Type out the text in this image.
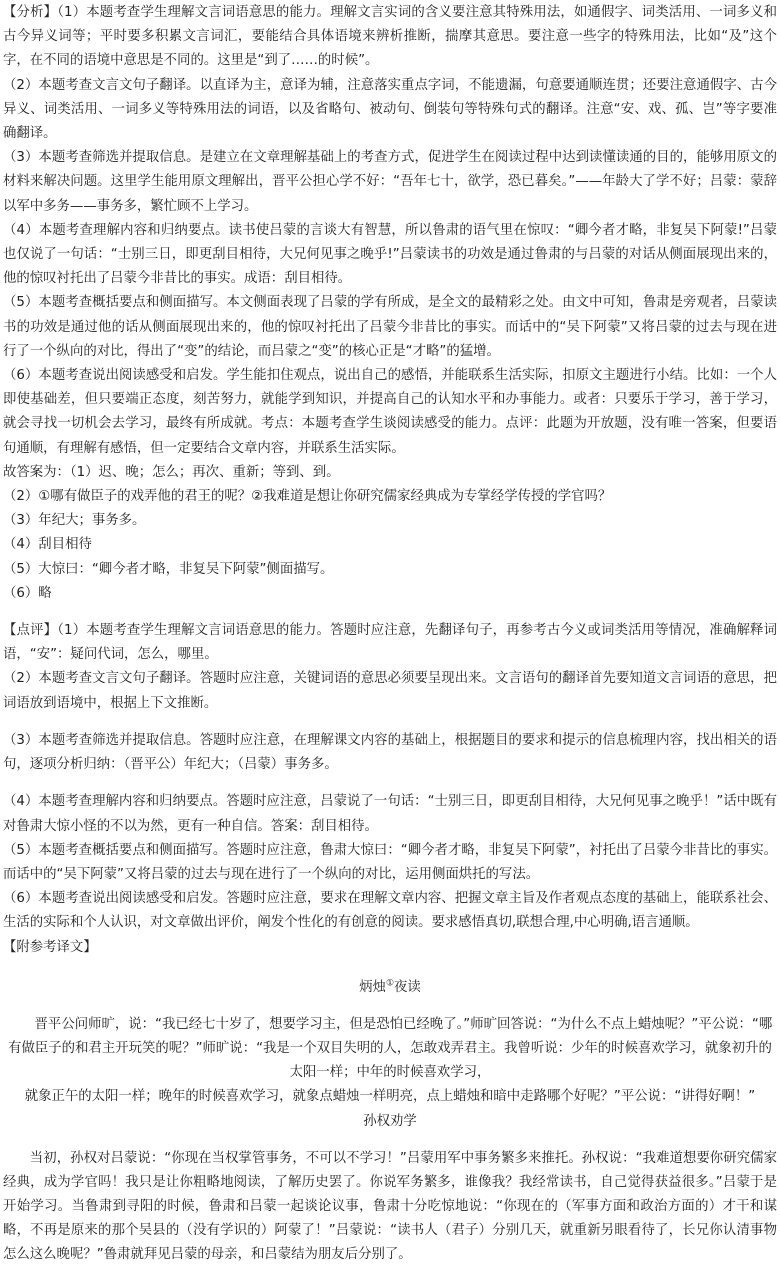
【分析】（1）本题考查学生理解文言词语意思的能力。理解文言实词的含义要注意其特殊用法，如通假字、词类活用、一词多义和古今异义词等；平时要多积累文言词汇，要能结合具体语境来辨析推断，揣摩其意思。要注意一些字的特殊用法，比如“及”这个字，在不同的语境中意思是不同的。这里是“到了……的时候”。

（2）本题考查文言文句子翻译。以直译为主，意译为辅，注意落实重点字词，不能遗漏，句意要通顺连贯；还要注意通假字、古今异义、词类活用、一词多义等特殊用法的词语，以及省略句、被动句、倒装句等特殊句式的翻译。注意“安、戏、孤、岂”等字要准确翻译。

（3）本题考查筛选并提取信息。是建立在文章理解基础上的考查方式，促进学生在阅读过程中达到读懂读通的目的，能够用原文的材料来解决问题。这里学生能用原文理解出，晋平公担心学不好：“吾年七十，欲学，恐已暮矣。”——年龄大了学不好；吕蒙：蒙辞以军中多务——事务多，繁忙顾不上学习。

（4）本题考查理解内容和归纳要点。读书使吕蒙的言谈大有智慧，所以鲁肃的语气里在惊叹：“卿今者才略，非复吴下阿蒙!”吕蒙也仅说了一句话：“士别三日，即更刮目相待，大兄何见事之晚乎!”吕蒙读书的功效是通过鲁肃的与吕蒙的对话从侧面展现出来的，他的惊叹衬托出了吕蒙今非昔比的事实。成语：刮目相待。

（5）本题考查概括要点和侧面描写。本文侧面表现了吕蒙的学有所成，是全文的最精彩之处。由文中可知，鲁肃是旁观者，吕蒙读书的功效是通过他的话从侧面展现出来的，他的惊叹衬托出了吕蒙今非昔比的事实。而话中的“吴下阿蒙”又将吕蒙的过去与现在进行了一个纵向的对比，得出了“变”的结论，而吕蒙之“变”的核心正是“才略”的猛增。

（6）本题考查说出阅读感受和启发。学生能扣住观点，说出自己的感悟，并能联系生活实际，扣原文主题进行小结。比如：一个人即使基础差，但只要端正态度，刻苦努力，就能学到知识，并提高自己的认知水平和办事能力。或者：只要乐于学习，善于学习，就会寻找一切机会去学习，最终有所成就。考点：本题考查学生谈阅读感受的能力。点评：此题为开放题，没有唯一答案，但要语句通顺，有理解有感悟，但一定要结合文章内容，并联系生活实际。

故答案为：（1）迟、晚；怎么；再次、重新；等到、到。

（2）①哪有做臣子的戏弄他的君王的呢？②我难道是想让你研究儒家经典成为专掌经学传授的学官吗？

（3）年纪大；事务多。

（4）刮目相待

（5）大惊曰：“卿今者才略，非复吴下阿蒙”侧面描写。

（6）略

【点评】（1）本题考查学生理解文言词语意思的能力。答题时应注意，先翻译句子，再参考古今义或词类活用等情况，准确解释词语，“安”：疑问代词，怎么，哪里。

（2）本题考查文言文句子翻译。答题时应注意，关键词语的意思必须要呈现出来。文言语句的翻译首先要知道文言词语的意思，把词语放到语境中，根据上下文推断。

（3）本题考查筛选并提取信息。答题时应注意，在理解课文内容的基础上，根据题目的要求和提示的信息梳理内容，找出相关的语句，逐项分析归纳：（晋平公）年纪大；（吕蒙）事务多。

（4）本题考查理解内容和归纳要点。答题时应注意，吕蒙说了一句话：“士别三日，即更刮目相待，大兄何见事之晚乎！”话中既有对鲁肃大惊小怪的不以为然，更有一种自信。答案：刮目相待。

（5）本题考查概括要点和侧面描写。答题时应注意，鲁肃大惊曰：“卿今者才略，非复吴下阿蒙”，衬托出了吕蒙今非昔比的事实。而话中的“吴下阿蒙”又将吕蒙的过去与现在进行了一个纵向的对比，运用侧面烘托的写法。

（6）本题考查说出阅读感受和启发。答题时应注意，要求在理解文章内容、把握文章主旨及作者观点态度的基础上，能联系社会、生活的实际和个人认识，对文章做出评价，阐发个性化的有创意的阅读。要求感悟真切,联想合理,中心明确,语言通顺。

【附参考译文】

炳烛①夜读

晋平公问师旷，说：“我已经七十岁了，想要学习主，但是恐怕已经晚了。”师旷回答说：“为什么不点上蜡烛呢？”平公说：“哪有做臣子的和君主开玩笑的呢？”师旷说：“我是一个双目失明的人，怎敢戏弄君主。我曾听说：少年的时候喜欢学习，就象初升的太阳一样；中年的时候喜欢学习，

就象正午的太阳一样；晚年的时候喜欢学习，就象点蜡烛一样明亮，点上蜡烛和暗中走路哪个好呢？”平公说：“讲得好啊！”

孙权劝学

当初，孙权对吕蒙说：“你现在当权掌管事务，不可以不学习！”吕蒙用军中事务繁多来推托。孙权说：“我难道想要你研究儒家经典，成为学官吗！我只是让你粗略地阅读，了解历史罢了。你说军务繁多，谁像我？我经常读书，自己觉得获益很多。”吕蒙于是开始学习。当鲁肃到寻阳的时候，鲁肃和吕蒙一起谈论议事，鲁肃十分吃惊地说：“你现在的（军事方面和政治方面的）才干和谋略，不再是原来的那个吴县的（没有学识的）阿蒙了！”吕蒙说：“读书人（君子）分别几天，就重新另眼看待了，长兄你认清事物怎么这么晚呢？”鲁肃就拜见吕蒙的母亲，和吕蒙结为朋友后分别了。
